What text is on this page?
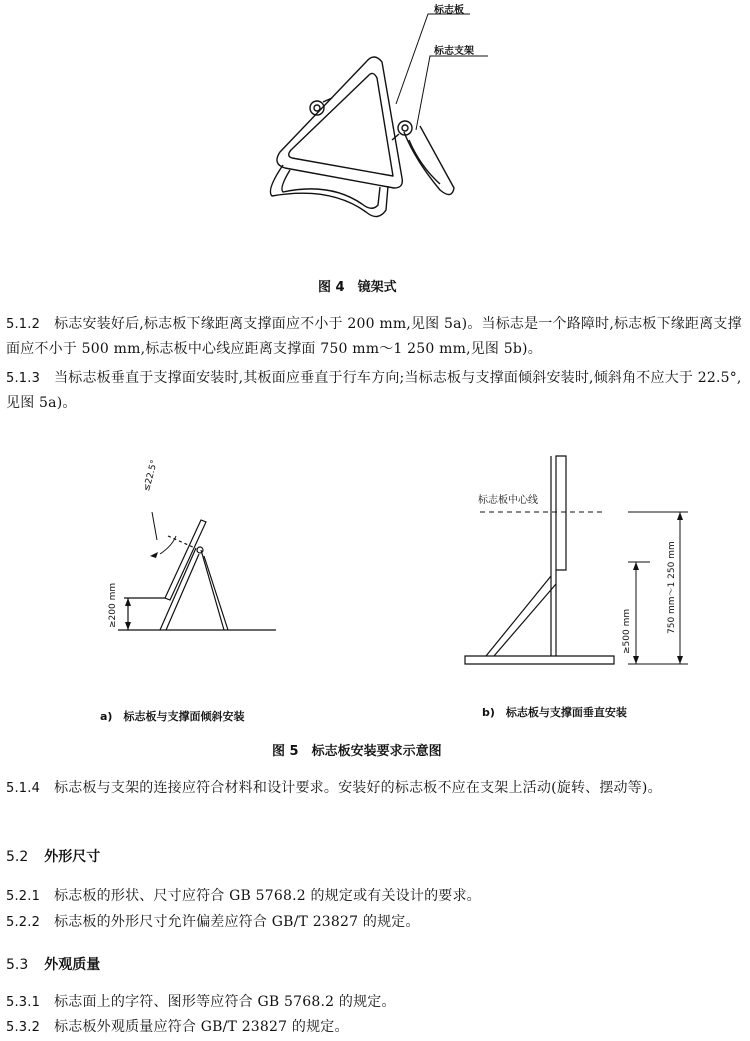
标志板
标志支架
图 4　镜架式
5.1.2 标志安装好后,标志板下缘距离支撑面应不小于 200 mm,见图 5a)。当标志是一个路障时,标志板下缘距离支撑面应不小于 500 mm,标志板中心线应距离支撑面 750 mm～1 250 mm,见图 5b)。
5.1.3 当标志板垂直于支撑面安装时,其板面应垂直于行车方向;当标志板与支撑面倾斜安装时,倾斜角不应大于 22.5°,见图 5a)。
≤22.5°
≥200 mm
标志板中心线
≥500 mm	750 mm～1 250 mm
a)　标志板与支撑面倾斜安装	b)　标志板与支撑面垂直安装
图 5　标志板安装要求示意图
5.1.4 标志板与支架的连接应符合材料和设计要求。安装好的标志板不应在支架上活动(旋转、摆动等)。
5.2 外形尺寸
5.2.1 标志板的形状、尺寸应符合 GB 5768.2 的规定或有关设计的要求。
5.2.2 标志板的外形尺寸允许偏差应符合 GB/T 23827 的规定。
5.3 外观质量
5.3.1 标志面上的字符、图形等应符合 GB 5768.2 的规定。
5.3.2 标志板外观质量应符合 GB/T 23827 的规定。
